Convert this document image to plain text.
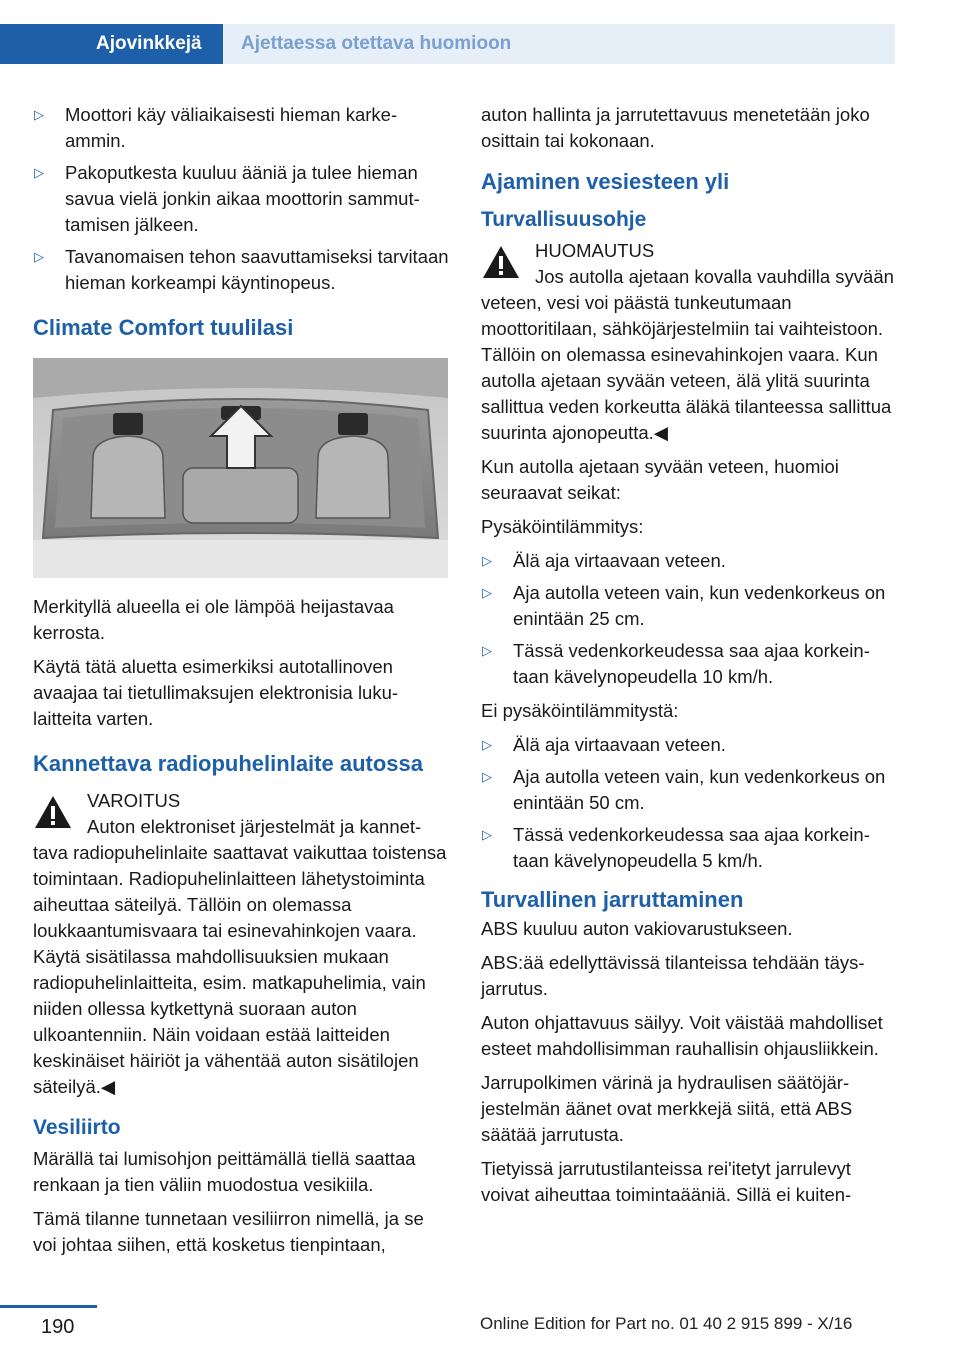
Ajovinkkejä	Ajettaessa otettava huomioon
▷ Moottori käy väliaikaisesti hieman karkeammin.
▷ Pakoputkesta kuuluu ääniä ja tulee hieman savua vielä jonkin aikaa moottorin sammuttamisen jälkeen.
▷ Tavanomaisen tehon saavuttamiseksi tarvitaan hieman korkeampi käyntinopeus.
Climate Comfort tuulilasi

Merkityllä alueella ei ole lämpöä heijastavaa kerrosta.

Käytä tätä aluetta esimerkiksi autotallinoven avaajaa tai tietullimaksujen elektronisia lukulaitteita varten.

Kannettava radiopuhelinlaite autossa
VAROITUS
Auton elektroniset järjestelmät ja kannettava radiopuhelinlaite saattavat vaikuttaa toistensa toimintaan. Radiopuhelinlaitteen lähetystoiminta aiheuttaa säteilyä. Tällöin on olemassa loukkaantumisvaara tai esinevahinkojen vaara. Käytä sisätilassa mahdollisuuksien mukaan radiopuhelinlaitteita, esim. matkapuhelimia, vain niiden ollessa kytkettynä suoraan auton ulkoantenniin. Näin voidaan estää laitteiden keskinäiset häiriöt ja vähentää auton sisätilojen säteilyä.◀
Vesiliirto

Märällä tai lumisohjon peittämällä tiellä saattaa renkaan ja tien väliin muodostua vesikiila.

Tämä tilanne tunnetaan vesiliirron nimellä, ja se voi johtaa siihen, että kosketus tienpintaan,

auton hallinta ja jarrutettavuus menetetään joko osittain tai kokonaan.

Ajaminen vesiesteen yli
Turvallisuusohje
HUOMAUTUS
Jos autolla ajetaan kovalla vauhdilla syvään veteen, vesi voi päästä tunkeutumaan moottoritilaan, sähköjärjestelmiin tai vaihteistoon. Tällöin on olemassa esinevahinkojen vaara. Kun autolla ajetaan syvään veteen, älä ylitä suurinta sallittua veden korkeutta äläkä tilanteessa sallittua suurinta ajonopeutta.◀

Kun autolla ajetaan syvään veteen, huomioi seuraavat seikat:

Pysäköintilämmitys:

▷ Älä aja virtaavaan veteen.
▷ Aja autolla veteen vain, kun vedenkorkeus on enintään 25 cm.
▷ Tässä vedenkorkeudessa saa ajaa korkeintaan kävelynopeudella 10 km/h.

Ei pysäköintilämmitystä:

▷ Älä aja virtaavaan veteen.
▷ Aja autolla veteen vain, kun vedenkorkeus on enintään 50 cm.
▷ Tässä vedenkorkeudessa saa ajaa korkeintaan kävelynopeudella 5 km/h.
Turvallinen jarruttaminen

ABS kuuluu auton vakiovarustukseen.

ABS:ää edellyttävissä tilanteissa tehdään täysjarrutus.

Auton ohjattavuus säilyy. Voit väistää mahdolliset esteet mahdollisimman rauhallisin ohjausliikkein.

Jarrupolkimen värinä ja hydraulisen säätöjärjestelmän äänet ovat merkkejä siitä, että ABS säätää jarrutusta.

Tietyissä jarrutustilanteissa rei'itetyt jarrulevyt voivat aiheuttaa toimintaääniä. Sillä ei kuiten-

190	Online Edition for Part no. 01 40 2 915 899 - X/16
